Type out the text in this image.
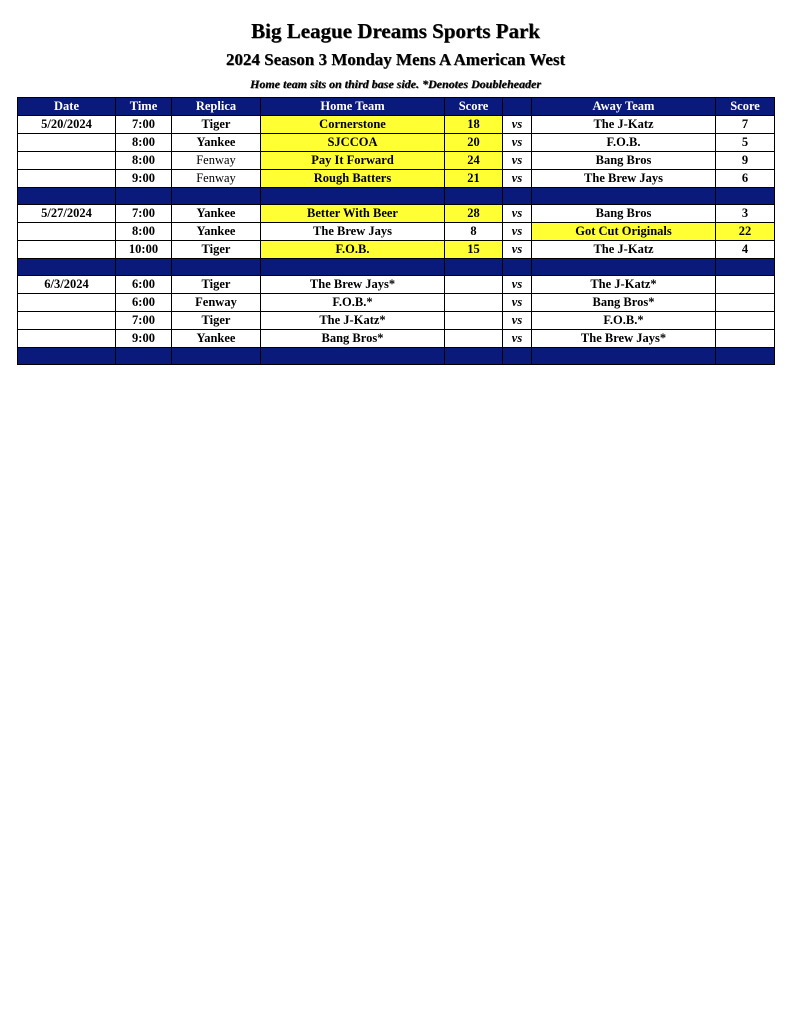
Big League Dreams Sports Park
2024 Season 3 Monday Mens A American West
Home team sits on third base side. *Denotes Doubleheader
Date	Time	Replica	Home Team	Score		Away Team	Score
5/20/2024	7:00	Tiger	Cornerstone	18	vs	The J-Katz	7
	8:00	Yankee	SJCCOA	20	vs	F.O.B.	5
	8:00	Fenway	Pay It Forward	24	vs	Bang Bros	9
	9:00	Fenway	Rough Batters	21	vs	The Brew Jays	6

5/27/2024	7:00	Yankee	Better With Beer	28	vs	Bang Bros	3
	8:00	Yankee	The Brew Jays	8	vs	Got Cut Originals	22
	10:00	Tiger	F.O.B.	15	vs	The J-Katz	4

6/3/2024	6:00	Tiger	The Brew Jays*		vs	The J-Katz*	
	6:00	Fenway	F.O.B.*		vs	Bang Bros*	
	7:00	Tiger	The J-Katz*		vs	F.O.B.*	
	9:00	Yankee	Bang Bros*		vs	The Brew Jays*	
